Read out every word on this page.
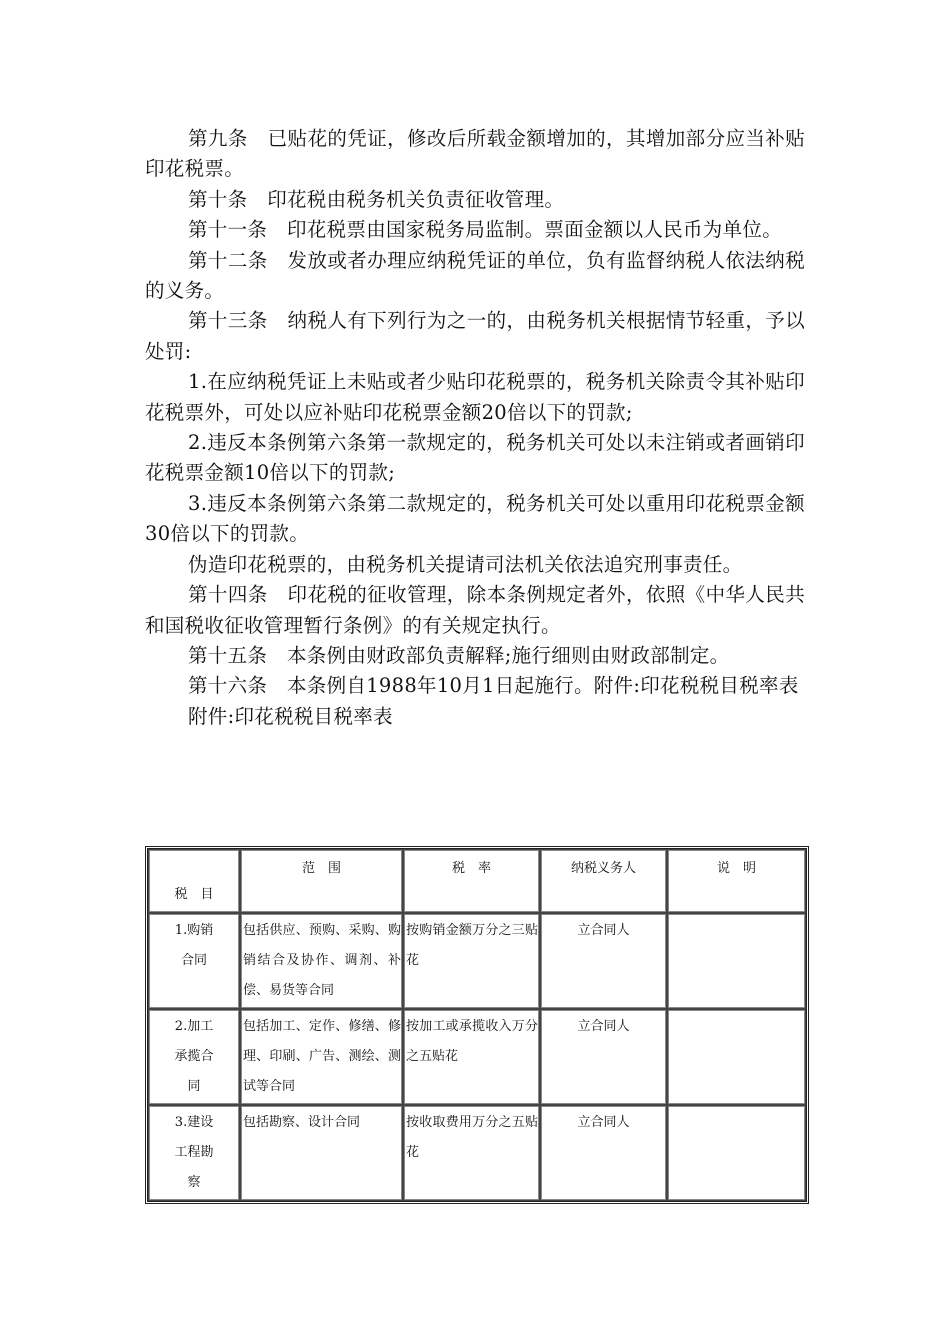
第九条　已贴花的凭证，修改后所载金额增加的，其增加部分应当补贴印花税票。

第十条　印花税由税务机关负责征收管理。

第十一条　印花税票由国家税务局监制。票面金额以人民币为单位。

第十二条　发放或者办理应纳税凭证的单位，负有监督纳税人依法纳税的义务。

第十三条　纳税人有下列行为之一的，由税务机关根据情节轻重，予以处罚:

1.在应纳税凭证上未贴或者少贴印花税票的，税务机关除责令其补贴印花税票外，可处以应补贴印花税票金额20倍以下的罚款;

2.违反本条例第六条第一款规定的，税务机关可处以未注销或者画销印花税票金额10倍以下的罚款;

3.违反本条例第六条第二款规定的，税务机关可处以重用印花税票金额30倍以下的罚款。

伪造印花税票的，由税务机关提请司法机关依法追究刑事责任。

第十四条　印花税的征收管理，除本条例规定者外，依照《中华人民共和国税收征收管理暂行条例》的有关规定执行。

第十五条　本条例由财政部负责解释;施行细则由财政部制定。

第十六条　本条例自1988年10月1日起施行。附件:印花税税目税率表

附件:印花税税目税率表

税　目	范　围	税　率	纳税义务人	说　明

1.购销合同	包括供应、预购、采购、购销结合及协作、调剂、补偿、易货等合同	按购销金额万分之三贴花	立合同人	

2.加工承揽合同	包括加工、定作、修缮、修理、印刷、广告、测绘、测试等合同	按加工或承揽收入万分之五贴花	立合同人	

3.建设工程勘察	包括勘察、设计合同	按收取费用万分之五贴花	立合同人	
